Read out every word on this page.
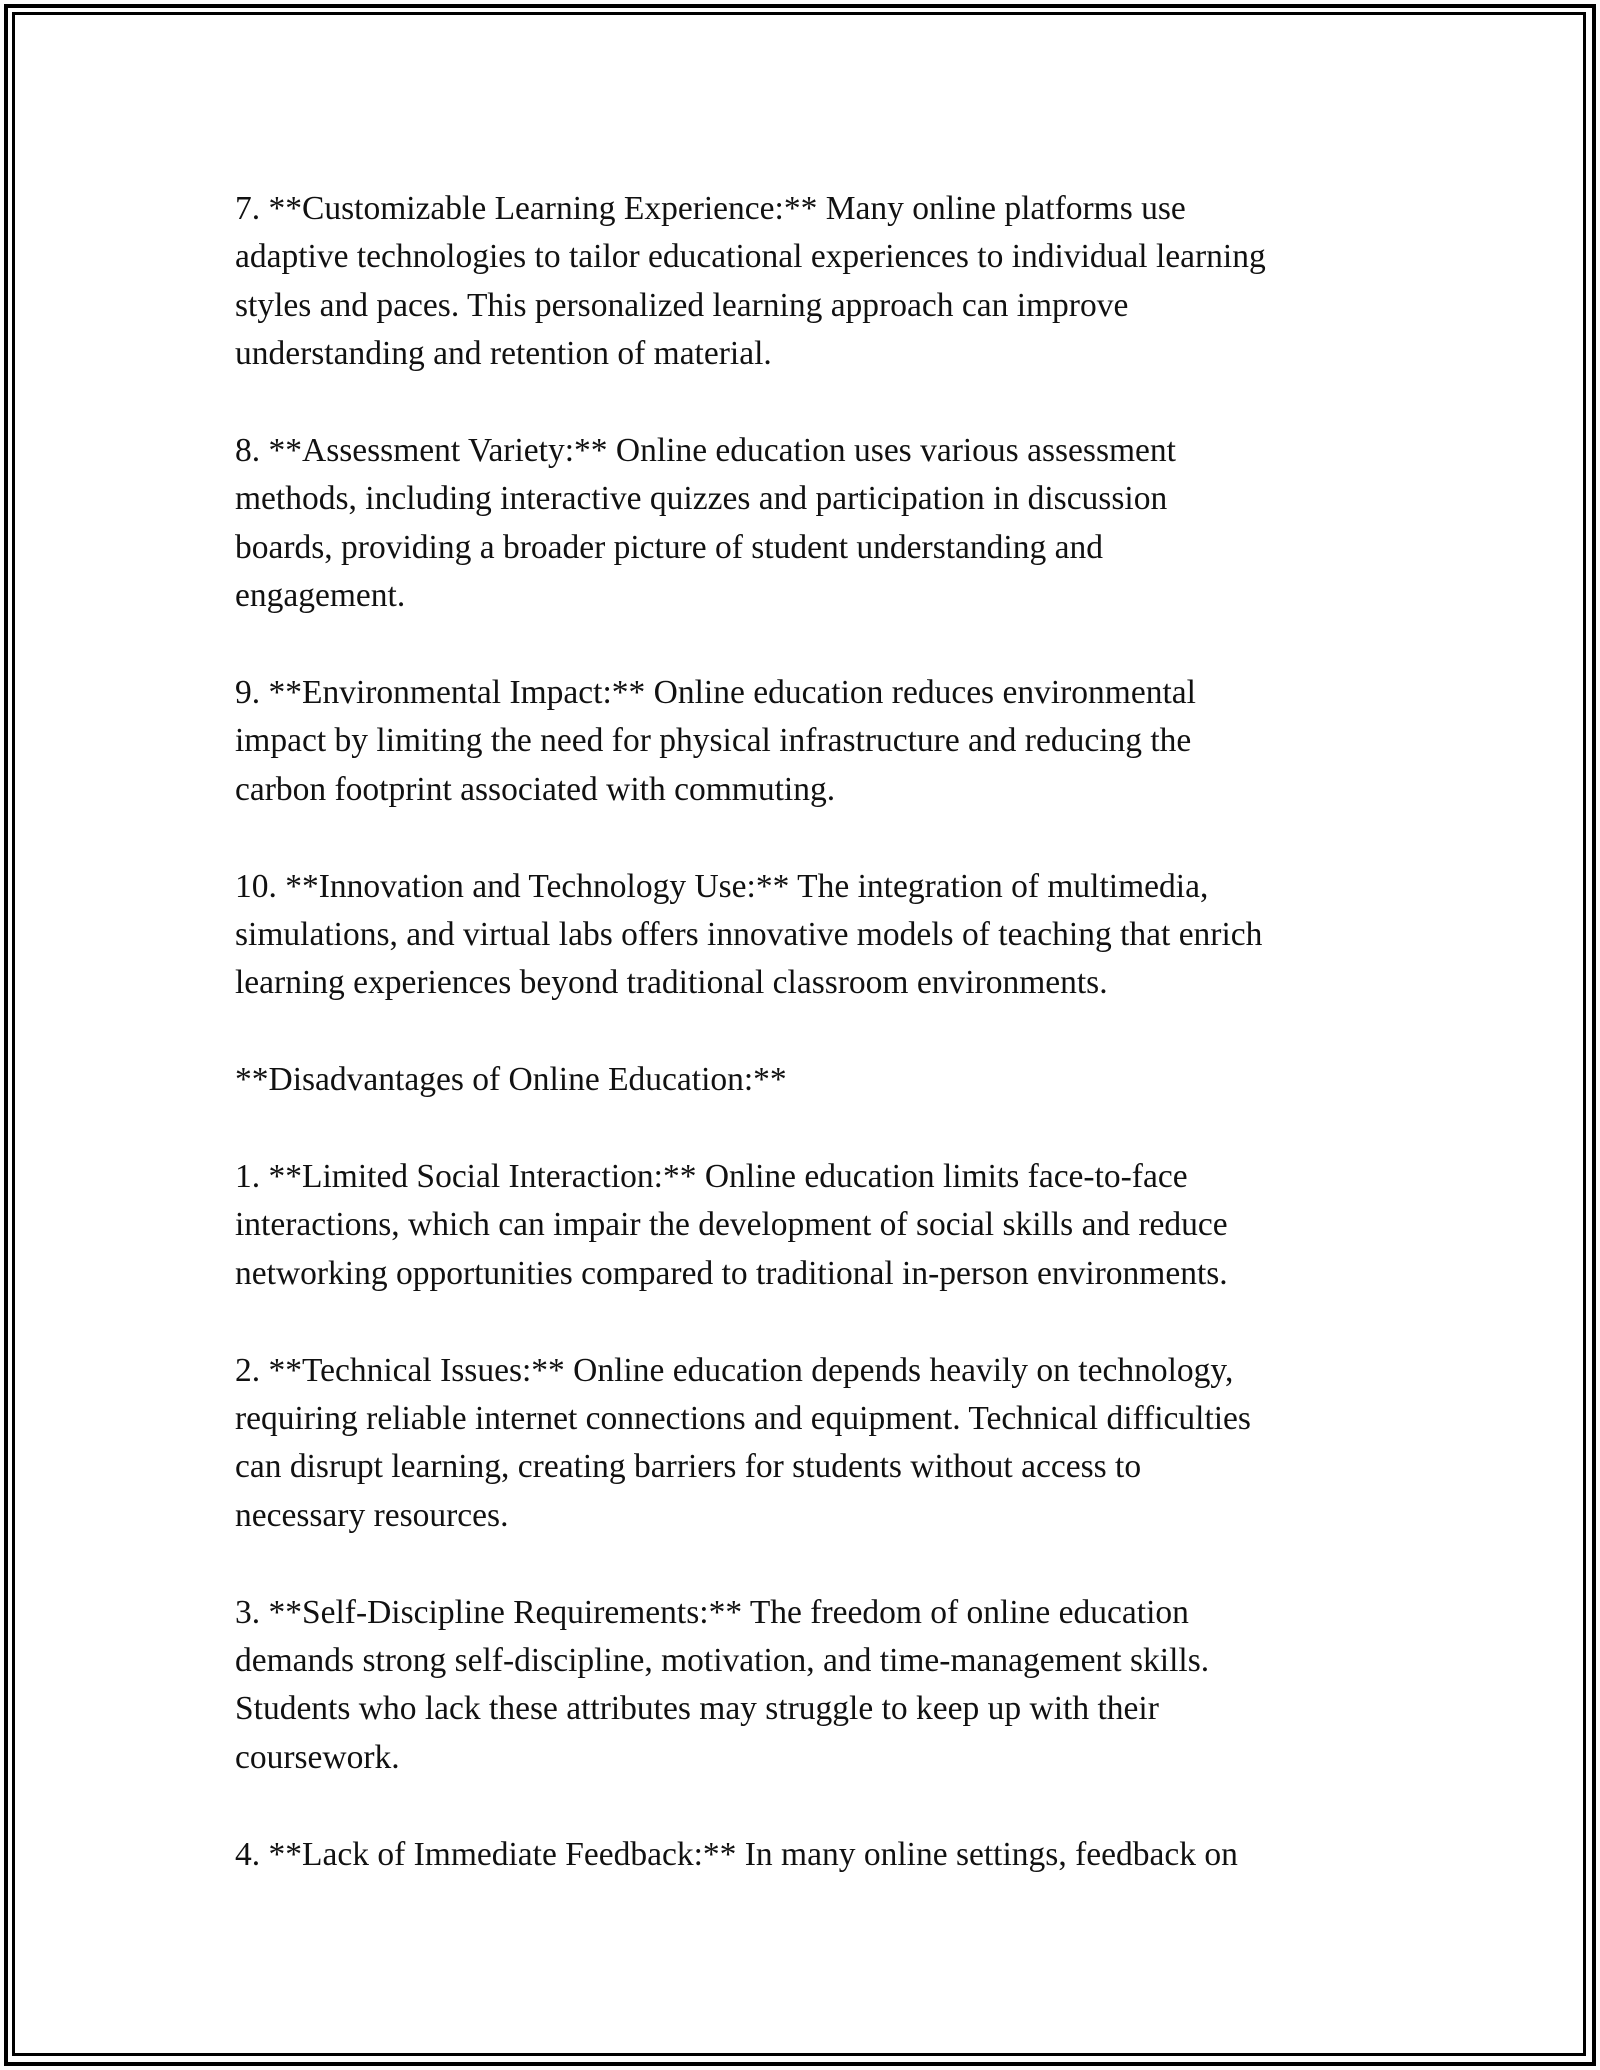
7. **Customizable Learning Experience:** Many online platforms use
adaptive technologies to tailor educational experiences to individual learning
styles and paces. This personalized learning approach can improve
understanding and retention of material.

8. **Assessment Variety:** Online education uses various assessment
methods, including interactive quizzes and participation in discussion
boards, providing a broader picture of student understanding and
engagement.

9. **Environmental Impact:** Online education reduces environmental
impact by limiting the need for physical infrastructure and reducing the
carbon footprint associated with commuting.

10. **Innovation and Technology Use:** The integration of multimedia,
simulations, and virtual labs offers innovative models of teaching that enrich
learning experiences beyond traditional classroom environments.

**Disadvantages of Online Education:**

1. **Limited Social Interaction:** Online education limits face-to-face
interactions, which can impair the development of social skills and reduce
networking opportunities compared to traditional in-person environments.

2. **Technical Issues:** Online education depends heavily on technology,
requiring reliable internet connections and equipment. Technical difficulties
can disrupt learning, creating barriers for students without access to
necessary resources.

3. **Self-Discipline Requirements:** The freedom of online education
demands strong self-discipline, motivation, and time-management skills.
Students who lack these attributes may struggle to keep up with their
coursework.

4. **Lack of Immediate Feedback:** In many online settings, feedback on
